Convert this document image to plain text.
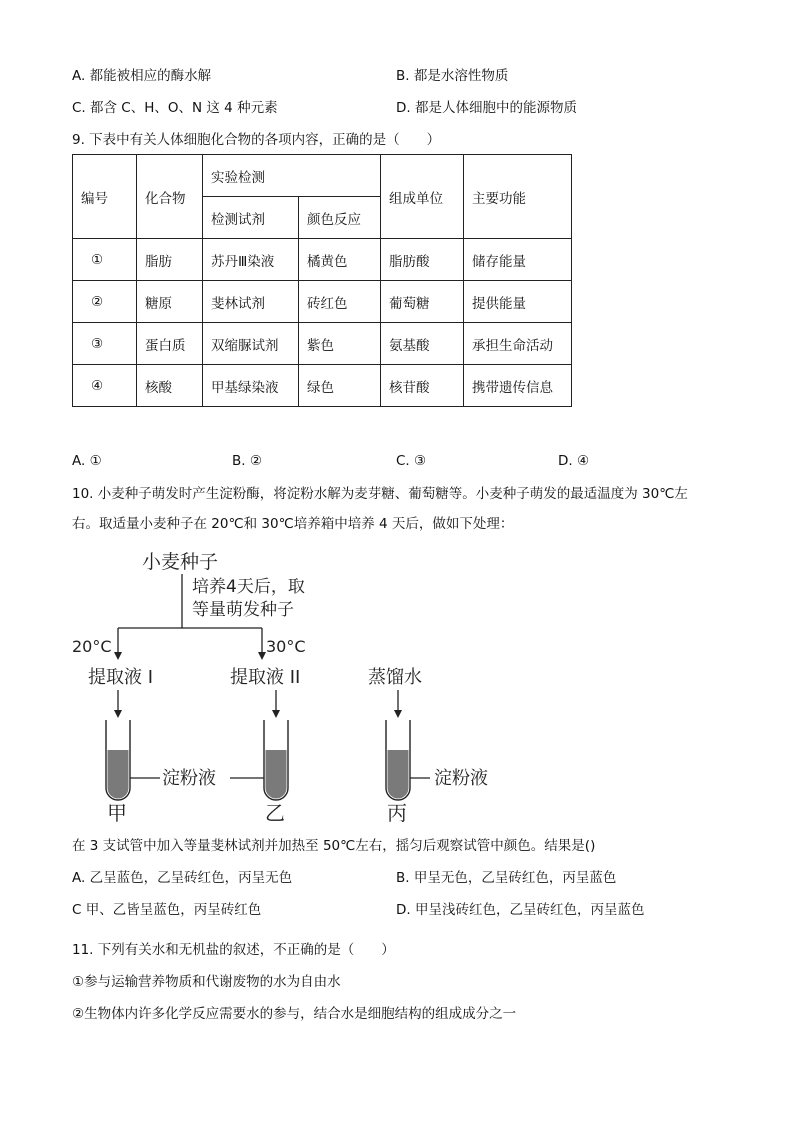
A. 都能被相应的酶水解	B. 都是水溶性物质
C. 都含 C、H、O、N 这 4 种元素	D. 都是人体细胞中的能源物质
9. 下表中有关人体细胞化合物的各项内容，正确的是（　　）
编号	化合物	实验检测		组成单位	主要功能
		检测试剂	颜色反应		
①	脂肪	苏丹Ⅲ染液	橘黄色	脂肪酸	储存能量
②	糖原	斐林试剂	砖红色	葡萄糖	提供能量
③	蛋白质	双缩脲试剂	紫色	氨基酸	承担生命活动
④	核酸	甲基绿染液	绿色	核苷酸	携带遗传信息
A. ①	B. ②	C. ③	D. ④
10. 小麦种子萌发时产生淀粉酶，将淀粉水解为麦芽糖、葡萄糖等。小麦种子萌发的最适温度为 30℃左
右。取适量小麦种子在 20℃和 30℃培养箱中培养 4 天后，做如下处理：
小麦种子
培养4天后，取
等量萌发种子
20°C	30°C
提取液 I	提取液 II	蒸馏水
淀粉液	淀粉液
甲	乙	丙
在 3 支试管中加入等量斐林试剂并加热至 50℃左右，摇匀后观察试管中颜色。结果是()
A. 乙呈蓝色，乙呈砖红色，丙呈无色	B. 甲呈无色，乙呈砖红色，丙呈蓝色
C 甲、乙皆呈蓝色，丙呈砖红色	D. 甲呈浅砖红色，乙呈砖红色，丙呈蓝色
11. 下列有关水和无机盐的叙述，不正确的是（　　）
①参与运输营养物质和代谢废物的水为自由水
②生物体内许多化学反应需要水的参与，结合水是细胞结构的组成成分之一
